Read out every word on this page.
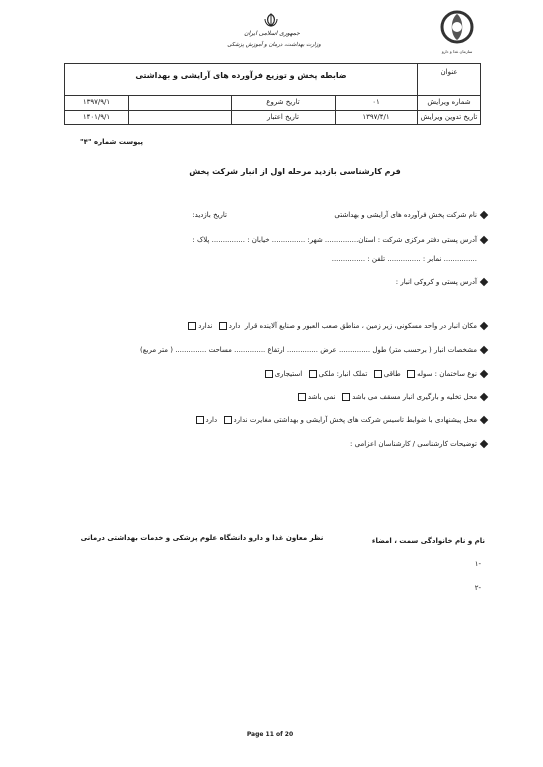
جمهوری اسلامی ایران
وزارت بهداشت، درمان و آموزش پزشکی
سازمان غذا و دارو
عنوان
ضابطه پخش و توزیع فرآورده های آرایشی و بهداشتی
شماره ویرایش
۰۱
تاریخ شروع
۱۳۹۷/۹/۱
تاریخ تدوین ویرایش
۱۳۹۷/۴/۱
تاریخ اعتبار
۱۴۰۱/۹/۱
پیوست شماره "۴"
فرم کارشناسی بازدید مرحله اول از انبار شرکت پخش
تاریخ بازدید:	نام شرکت پخش فرآورده های آرایشی و بهداشتی
آدرس پستی دفتر مرکزی شرکت : استان............... شهر: ............... خیابان : ............... پلاک :
............... نمابر : ............... تلفن : ...............
آدرس پستی و کروکی انبار :
مکان انبار در واحد مسکونی، زیر زمین ، مناطق صعب العبور و صنایع آلاینده قرار  دارد  ندارد
مشخصات انبار ( برحسب متر) طول .............. عرض .............. ارتفاع .............. مساحت .............. ( متر مربع)
نوع ساختمان : سوله  طاقی  تملک انبار: ملکی  استیجاری
محل تخلیه و بارگیری انبار مسقف می باشد  نمی باشد
محل پیشنهادی با ضوابط تاسیس شرکت های پخش آرایشی و بهداشتی مغایرت ندارد  دارد
توضیحات کارشناسی / کارشناسان اعزامی :
نام و نام خانوادگی سمت ، امضاء
نظر معاون غذا و دارو دانشگاه علوم پزشکی و خدمات بهداشتی درمانی
-۱
-۲
Page 11 of 20
